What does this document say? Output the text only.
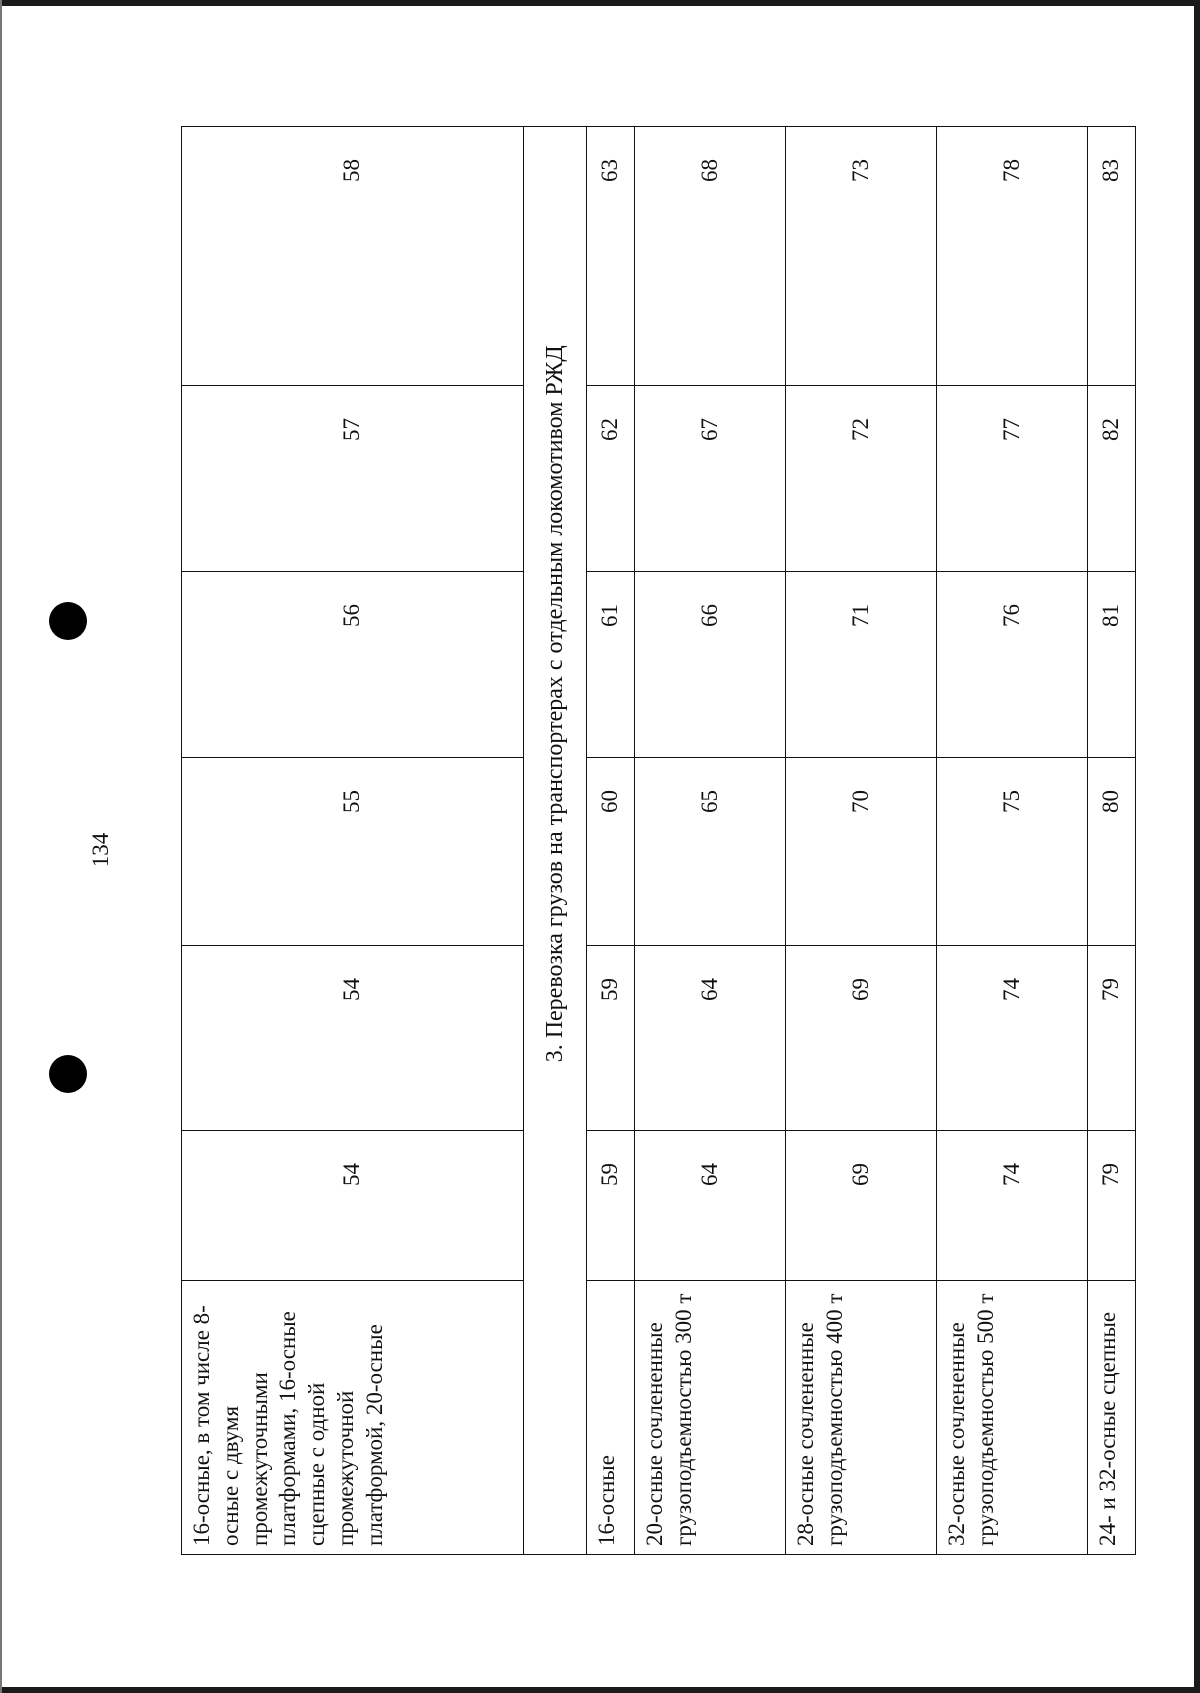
134
16-осные, в том числе 8-осные с двумя промежуточными платформами, 16-осные сцепные с одной промежуточной платформой, 20-осные	54	54	55	56	57	58
	3. Перевозка грузов на транспортерах с отдельным локомотивом РЖД					
16-осные	59	59	60	61	62	63
20-осные сочлененные грузоподъемностью 300 т	64	64	65	66	67	68
28-осные сочлененные грузоподъемностью 400 т	69	69	70	71	72	73
32-осные сочлененные грузоподъемностью 500 т	74	74	75	76	77	78
24- и 32-осные сцепные	79	79	80	81	82	83
